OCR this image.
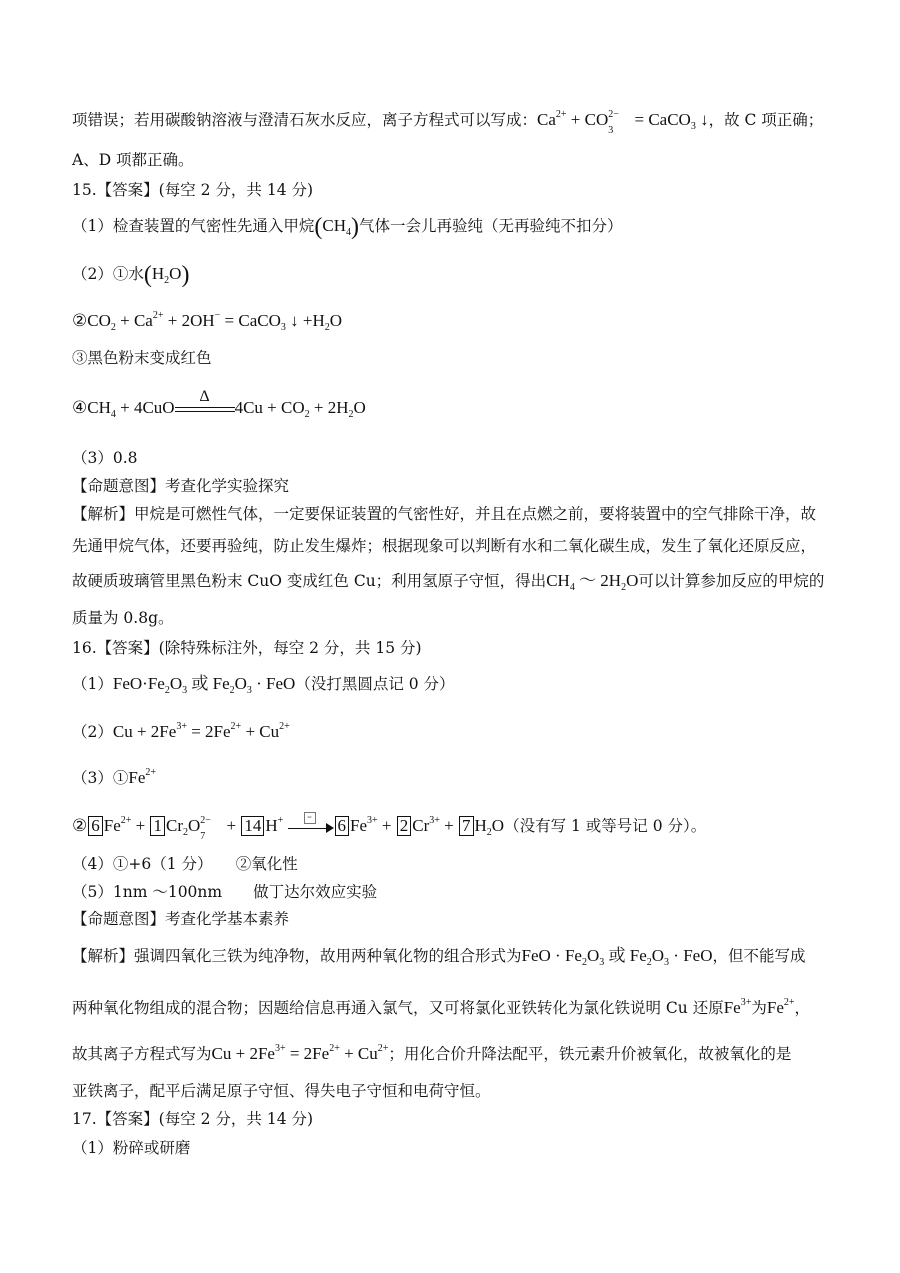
项错误；若用碳酸钠溶液与澄清石灰水反应，离子方程式可以写成：$Ca^{2+}$ + CO 2−
3
= CaCO$_3$ ↓，故 C 项正确；
A、D 项都正确。
15.【答案】(每空 2 分，共 14 分)
（1）检查装置的气密性先通入甲烷$(CH_4)$气体一会儿再验纯（无再验纯不扣分）
（2）①水$(H_2O)$
$②CO_2 + Ca^{2+} + 2OH^-$ = CaCO$_3$ ↓ $+H_2O$
③黑色粉末变成红色
$④CH_4 + 4CuO$
Δ
$4Cu + CO_2 + 2H_2O$
（3）0.8
【命题意图】考查化学实验探究
【解析】甲烷是可燃性气体，一定要保证装置的气密性好，并且在点燃之前，要将装置中的空气排除干净，故
先通甲烷气体，还要再验纯，防止发生爆炸；根据现象可以判断有水和二氧化碳生成，发生了氧化还原反应，
故硬质玻璃管里黑色粉末 CuO 变成红色 Cu；利用氢原子守恒，得出$CH_4$ ～ $2H_2O$可以计算参加反应的甲烷的
质量为 0.8g。
16.【答案】(除特殊标注外，每空 2 分，共 15 分)
$(1)FeO\cdot Fe_2O_3$ 或 $Fe_2O_3 \cdot FeO$（没打黑圆点记 0 分）
$(2)Cu + 2Fe^{3+} = 2Fe^{2+} + Cu^{2+}$
$(3)①Fe^{2+}$
② 6 $Fe^{2+} + 1$ $Cr_2O$ 2−
7
+ 14 H+	= 6 $Fe^{3+} + 2$ $Cr^{3+} + 7$ $H_2O$（没有写 1 或等号记 0 分）。
（4）①+6（1 分）　　②氧化性
（5）1nm ～100nm　　做丁达尔效应实验
【命题意图】考查化学基本素养
【解析】强调四氧化三铁为纯净物，故用两种氧化物的组合形式为FeO · $Fe_2O_3$ 或 $Fe_2O_3$ · FeO，但不能写成
两种氧化物组成的混合物；因题给信息再通入氯气，又可将氯化亚铁转化为氯化铁说明 Cu 还原$Fe^{3+}$为$Fe^{2+}$，
故其离子方程式写为$Cu + 2Fe^{3+} = 2Fe^{2+} + Cu^{2+}$；用化合价升降法配平，铁元素升价被氧化，故被氧化的是
亚铁离子，配平后满足原子守恒、得失电子守恒和电荷守恒。
17.【答案】(每空 2 分，共 14 分)
（1）粉碎或研磨
